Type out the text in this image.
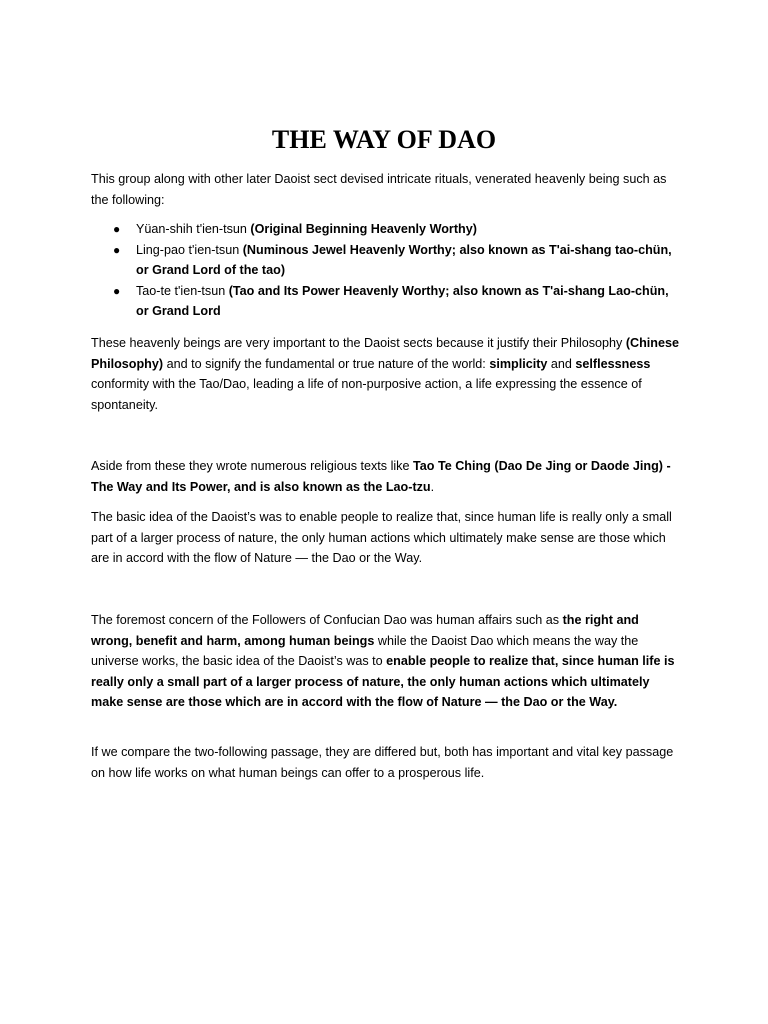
THE WAY OF DAO

This group along with other later Daoist sect devised intricate rituals, venerated heavenly being such as the following:

● Yüan-shih t'ien-tsun (Original Beginning Heavenly Worthy)
● Ling-pao t'ien-tsun (Numinous Jewel Heavenly Worthy; also known as T'ai-shang tao-chün, or Grand Lord of the tao)
● Tao-te t'ien-tsun (Tao and Its Power Heavenly Worthy; also known as T'ai-shang Lao-chün, or Grand Lord

These heavenly beings are very important to the Daoist sects because it justify their Philosophy (Chinese Philosophy) and to signify the fundamental or true nature of the world: simplicity and selflessness conformity with the Tao/Dao, leading a life of non-purposive action, a life expressing the essence of spontaneity.

Aside from these they wrote numerous religious texts like Tao Te Ching (Dao De Jing or Daode Jing) - The Way and Its Power, and is also known as the Lao-tzu.

The basic idea of the Daoist’s was to enable people to realize that, since human life is really only a small part of a larger process of nature, the only human actions which ultimately make sense are those which are in accord with the flow of Nature — the Dao or the Way.

The foremost concern of the Followers of Confucian Dao was human affairs such as the right and wrong, benefit and harm, among human beings while the Daoist Dao which means the way the universe works, the basic idea of the Daoist’s was to enable people to realize that, since human life is really only a small part of a larger process of nature, the only human actions which ultimately make sense are those which are in accord with the flow of Nature — the Dao or the Way.

If we compare the two-following passage, they are differed but, both has important and vital key passage on how life works on what human beings can offer to a prosperous life.
